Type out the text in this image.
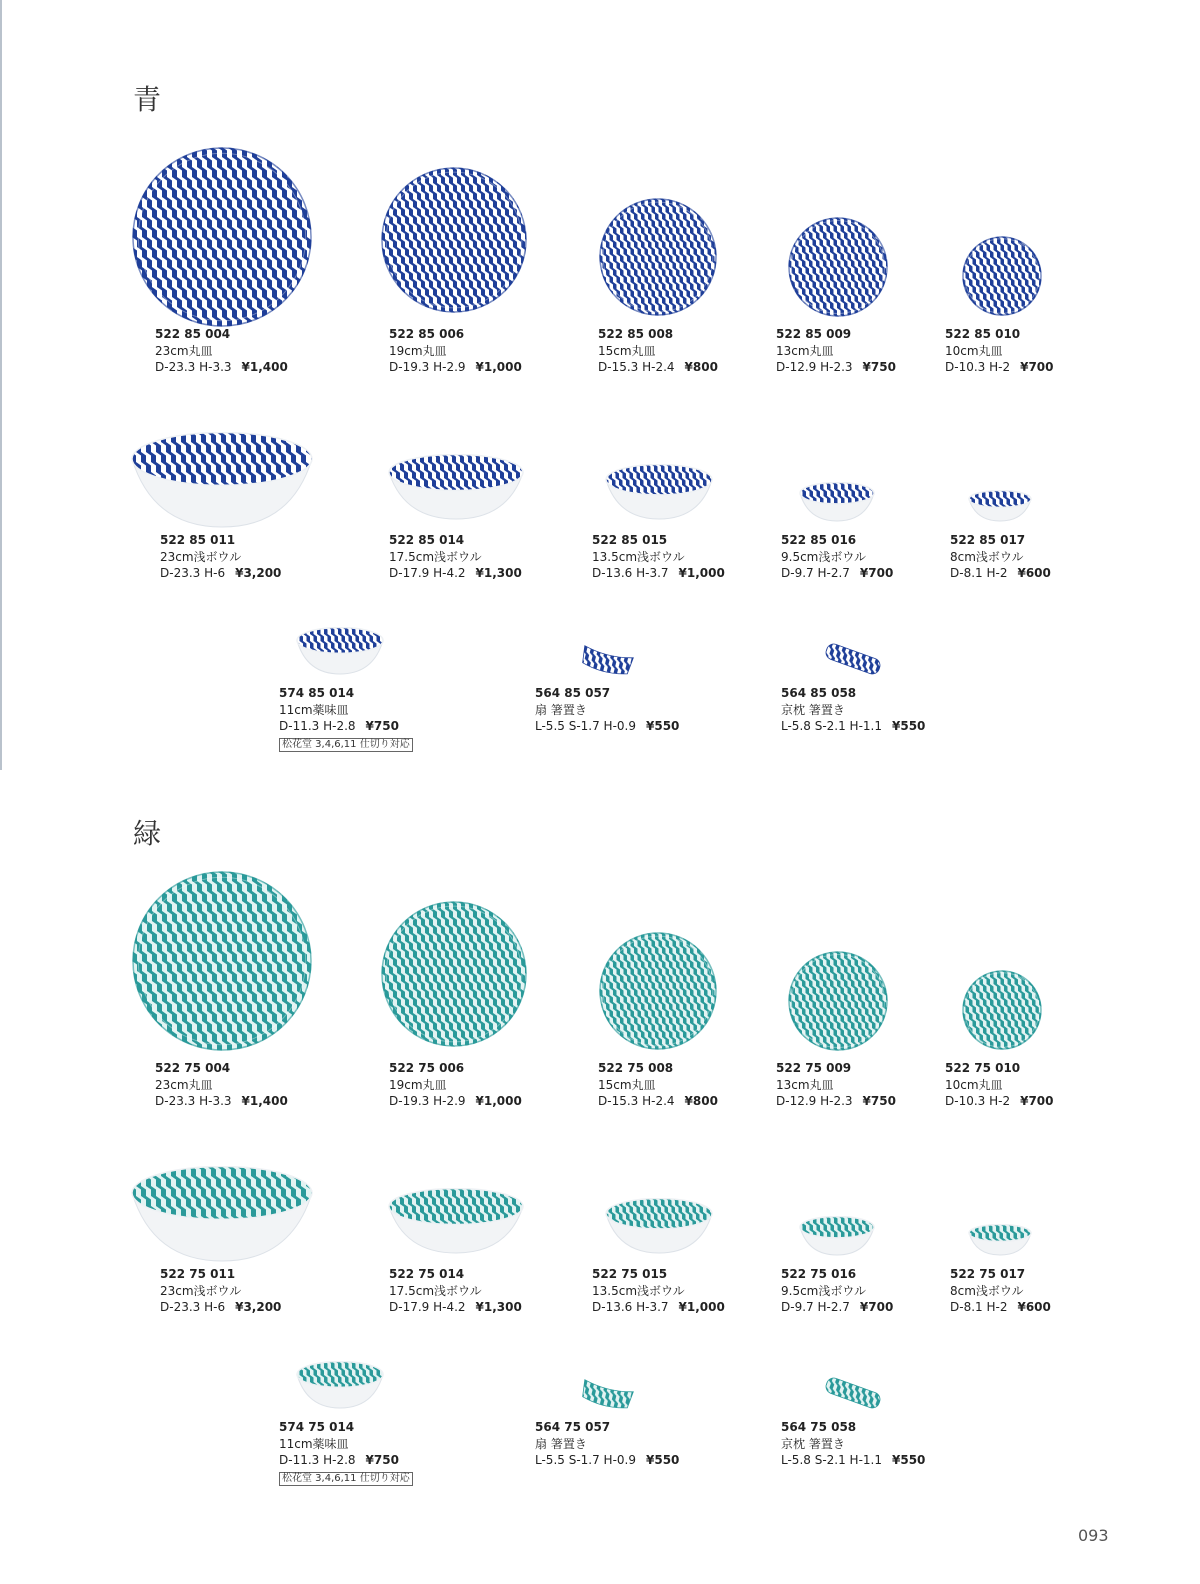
青
522 85 004
23cm丸皿
D-23.3 H-3.3 ¥1,400
522 85 006
19cm丸皿
D-19.3 H-2.9 ¥1,000
522 85 008
15cm丸皿
D-15.3 H-2.4 ¥800
522 85 009
13cm丸皿
D-12.9 H-2.3 ¥750
522 85 010
10cm丸皿
D-10.3 H-2 ¥700
522 85 011
23cm浅ボウル
D-23.3 H-6 ¥3,200
522 85 014
17.5cm浅ボウル
D-17.9 H-4.2 ¥1,300
522 85 015
13.5cm浅ボウル
D-13.6 H-3.7 ¥1,000
522 85 016
9.5cm浅ボウル
D-9.7 H-2.7 ¥700
522 85 017
8cm浅ボウル
D-8.1 H-2 ¥600
574 85 014
11cm薬味皿
D-11.3 H-2.8 ¥750
松花堂 3,4,6,11 仕切り対応
564 85 057
扇 箸置き
L-5.5 S-1.7 H-0.9 ¥550
564 85 058
京枕 箸置き
L-5.8 S-2.1 H-1.1 ¥550
緑
522 75 004
23cm丸皿
D-23.3 H-3.3 ¥1,400
522 75 006
19cm丸皿
D-19.3 H-2.9 ¥1,000
522 75 008
15cm丸皿
D-15.3 H-2.4 ¥800
522 75 009
13cm丸皿
D-12.9 H-2.3 ¥750
522 75 010
10cm丸皿
D-10.3 H-2 ¥700
522 75 011
23cm浅ボウル
D-23.3 H-6 ¥3,200
522 75 014
17.5cm浅ボウル
D-17.9 H-4.2 ¥1,300
522 75 015
13.5cm浅ボウル
D-13.6 H-3.7 ¥1,000
522 75 016
9.5cm浅ボウル
D-9.7 H-2.7 ¥700
522 75 017
8cm浅ボウル
D-8.1 H-2 ¥600
574 75 014
11cm薬味皿
D-11.3 H-2.8 ¥750
松花堂 3,4,6,11 仕切り対応
564 75 057
扇 箸置き
L-5.5 S-1.7 H-0.9 ¥550
564 75 058
京枕 箸置き
L-5.8 S-2.1 H-1.1 ¥550
093
